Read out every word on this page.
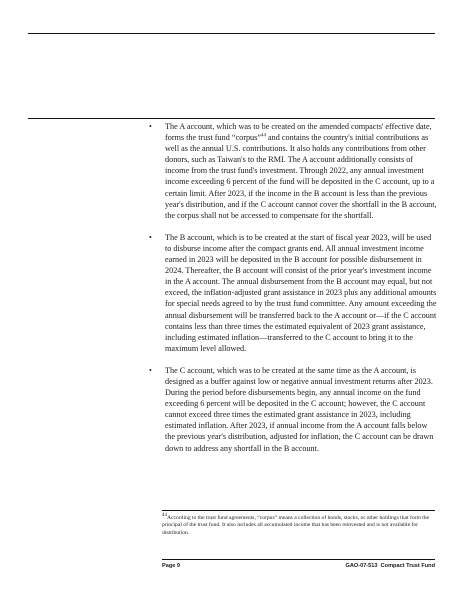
• The A account, which was to be created on the amended compacts' effective date, forms the trust fund “corpus”$^{44}$ and contains the country's initial contributions as well as the annual U.S. contributions. It also holds any contributions from other donors, such as Taiwan's to the RMI. The A account additionally consists of income from the trust fund's investment. Through 2022, any annual investment income exceeding 6 percent of the fund will be deposited in the C account, up to a certain limit. After 2023, if the income in the B account is less than the previous year's distribution, and if the C account cannot cover the shortfall in the B account, the corpus shall not be accessed to compensate for the shortfall.
• The B account, which is to be created at the start of fiscal year 2023, will be used to disburse income after the compact grants end. All annual investment income earned in 2023 will be deposited in the B account for possible disbursement in 2024. Thereafter, the B account will consist of the prior year's investment income in the A account. The annual disbursement from the B account may equal, but not exceed, the inflation-adjusted grant assistance in 2023 plus any additional amounts for special needs agreed to by the trust fund committee. Any amount exceeding the annual disbursement will be transferred back to the A account or—if the C account contains less than three times the estimated equivalent of 2023 grant assistance, including estimated inflation—transferred to the C account to bring it to the maximum level allowed.
• The C account, which was to be created at the same time as the A account, is designed as a buffer against low or negative annual investment returns after 2023. During the period before disbursements begin, any annual income on the fund exceeding 6 percent will be deposited in the C account; however, the C account cannot exceed three times the estimated grant assistance in 2023, including estimated inflation. After 2023, if annual income from the A account falls below the previous year's distribution, adjusted for inflation, the C account can be drawn down to address any shortfall in the B account.

$^{44}$According to the trust fund agreements, “corpus” means a collection of bonds, stocks, or other holdings that form the principal of the trust fund. It also includes all accumulated income that has been reinvested and is not available for distribution.

Page 9	GAO-07-513  Compact Trust Fund
